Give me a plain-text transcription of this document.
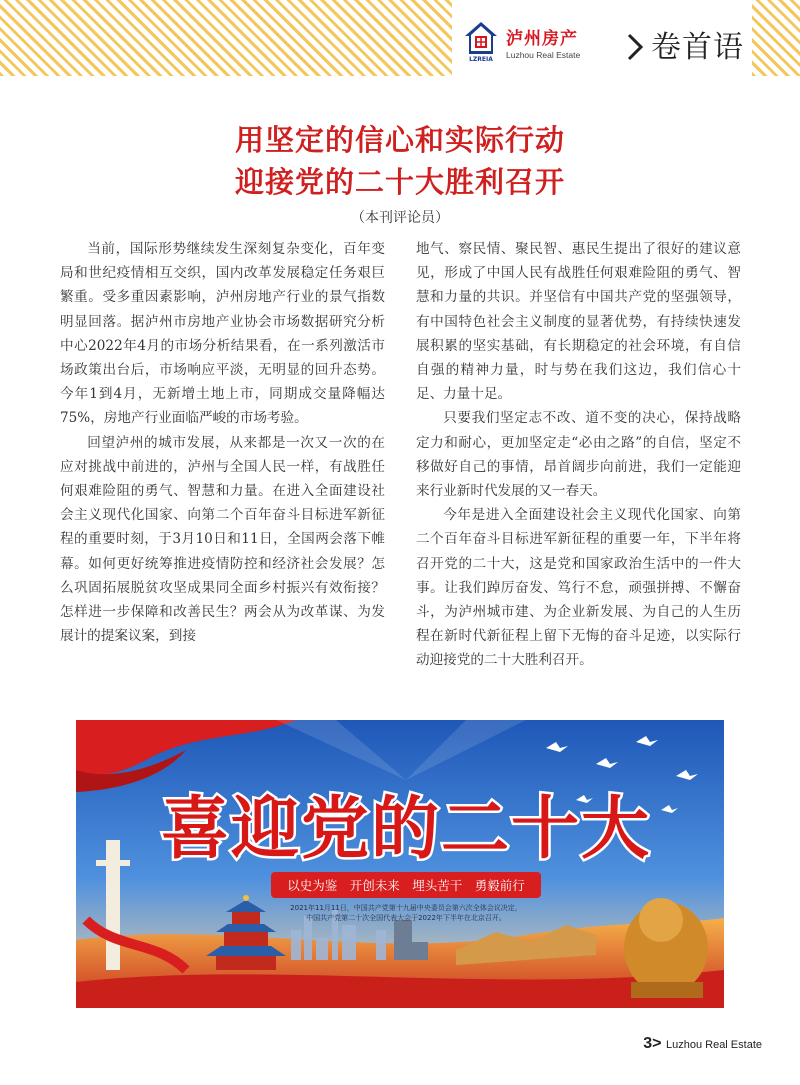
LZREIA
泸州房产
Luzhou Real Estate 卷首语
用坚定的信心和实际行动
迎接党的二十大胜利召开
（本刊评论员）

当前，国际形势继续发生深刻复杂变化，百年变局和世纪疫情相互交织，国内改革发展稳定任务艰巨繁重。受多重因素影响，泸州房地产行业的景气指数明显回落。据泸州市房地产业协会市场数据研究分析中心2022年4月的市场分析结果看，在一系列激活市场政策出台后，市场响应平淡，无明显的回升态势。今年1到4月，无新增土地上市，同期成交量降幅达75%，房地产行业面临严峻的市场考验。

回望泸州的城市发展，从来都是一次又一次的在应对挑战中前进的，泸州与全国人民一样，有战胜任何艰难险阻的勇气、智慧和力量。在进入全面建设社会主义现代化国家、向第二个百年奋斗目标进军新征程的重要时刻，于3月10日和11日，全国两会落下帷幕。如何更好统筹推进疫情防控和经济社会发展？怎么巩固拓展脱贫攻坚成果同全面乡村振兴有效衔接？怎样进一步保障和改善民生？两会从为改革谋、为发展计的提案议案，到接

地气、察民情、聚民智、惠民生提出了很好的建议意见，形成了中国人民有战胜任何艰难险阻的勇气、智慧和力量的共识。并坚信有中国共产党的坚强领导，有中国特色社会主义制度的显著优势，有持续快速发展积累的坚实基础，有长期稳定的社会环境，有自信自强的精神力量，时与势在我们这边，我们信心十足、力量十足。

只要我们坚定志不改、道不变的决心，保持战略定力和耐心，更加坚定走“必由之路”的自信，坚定不移做好自己的事情，昂首阔步向前进，我们一定能迎来行业新时代发展的又一春天。

今年是进入全面建设社会主义现代化国家、向第二个百年奋斗目标进军新征程的重要一年，下半年将召开党的二十大，这是党和国家政治生活中的一件大事。让我们踔厉奋发、笃行不怠，顽强拼搏、不懈奋斗，为泸州城市建、为企业新发展、为自己的人生历程在新时代新征程上留下无悔的奋斗足迹，以实际行动迎接党的二十大胜利召开。

喜迎党的二十大
以史为鉴　开创未来　埋头苦干　勇毅前行
2021年11月11日，中国共产党第十九届中央委员会第六次全体会议决定，
中国共产党第二十次全国代表大会于2022年下半年在北京召开。
3> Luzhou Real Estate
